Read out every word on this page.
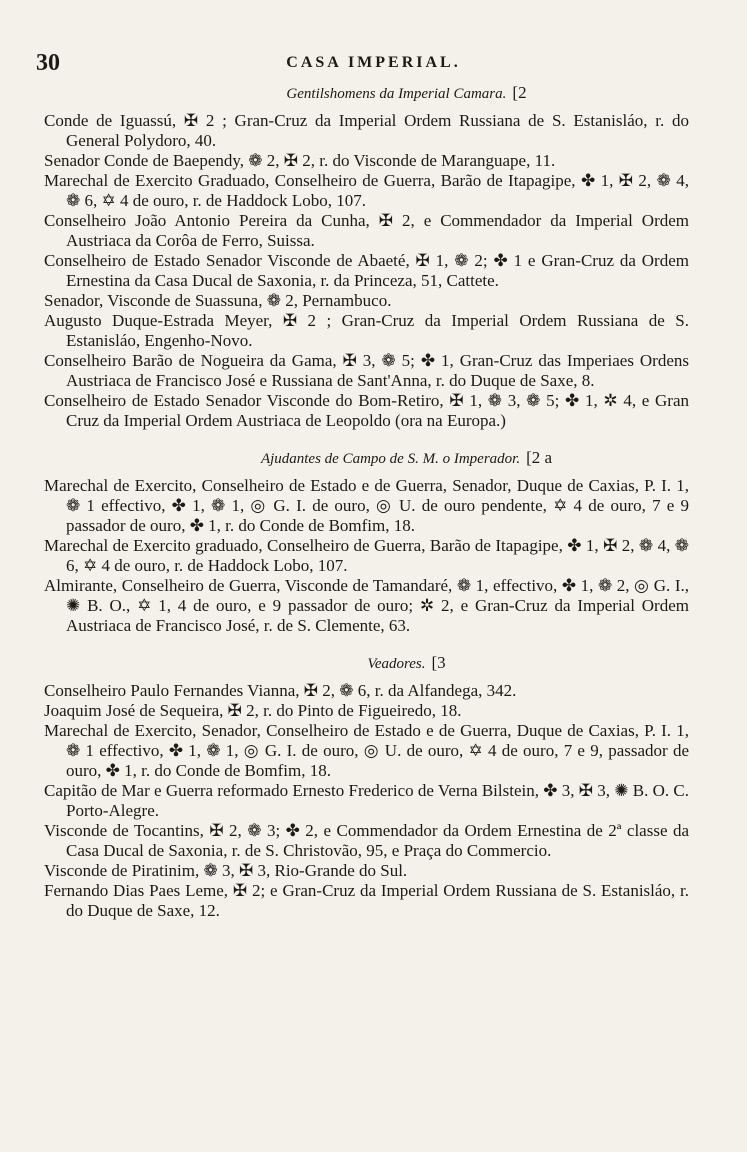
30	CASA IMPERIAL.

Gentilshomens da Imperial Camara. [2

Conde de Iguassú, ✠ 2 ; Gran-Cruz da Imperial Ordem Russiana de S. Estanisláo, r. do General Polydoro, 40.

Senador Conde de Baependy, ❁ 2, ✠ 2, r. do Visconde de Maranguape, 11.

Marechal de Exercito Graduado, Conselheiro de Guerra, Barão de Itapagipe, ✤ 1, ✠ 2, ❁ 4, ❁ 6, ✡ 4 de ouro, r. de Haddock Lobo, 107.

Conselheiro João Antonio Pereira da Cunha, ✠ 2, e Commendador da Imperial Ordem Austriaca da Corôa de Ferro, Suissa.

Conselheiro de Estado Senador Visconde de Abaeté, ✠ 1, ❁ 2; ✤ 1 e Gran-Cruz da Ordem Ernestina da Casa Ducal de Saxonia, r. da Princeza, 51, Cattete.

Senador, Visconde de Suassuna, ❁ 2, Pernambuco.

Augusto Duque-Estrada Meyer, ✠ 2 ; Gran-Cruz da Imperial Ordem Russiana de S. Estanisláo, Engenho-Novo.

Conselheiro Barão de Nogueira da Gama, ✠ 3, ❁ 5; ✤ 1, Gran-Cruz das Imperiaes Ordens Austriaca de Francisco José e Russiana de Sant'Anna, r. do Duque de Saxe, 8.

Conselheiro de Estado Senador Visconde do Bom-Retiro, ✠ 1, ❁ 3, ❁ 5; ✤ 1, ✲ 4, e Gran Cruz da Imperial Ordem Austriaca de Leopoldo (ora na Europa.)

Ajudantes de Campo de S. M. o Imperador. [2 a

Marechal de Exercito, Conselheiro de Estado e de Guerra, Senador, Duque de Caxias, P. I. 1, ❁ 1 effectivo, ✤ 1, ❁ 1, ◎ G. I. de ouro, ◎ U. de ouro pendente, ✡ 4 de ouro, 7 e 9 passador de ouro, ✤ 1, r. do Conde de Bomfim, 18.

Marechal de Exercito graduado, Conselheiro de Guerra, Barão de Itapagipe, ✤ 1, ✠ 2, ❁ 4, ❁ 6, ✡ 4 de ouro, r. de Haddock Lobo, 107.

Almirante, Conselheiro de Guerra, Visconde de Tamandaré, ❁ 1, effectivo, ✤ 1, ❁ 2, ◎ G. I., ✺ B. O., ✡ 1, 4 de ouro, e 9 passador de ouro; ✲ 2, e Gran-Cruz da Imperial Ordem Austriaca de Francisco José, r. de S. Clemente, 63.

Veadores. [3

Conselheiro Paulo Fernandes Vianna, ✠ 2, ❁ 6, r. da Alfandega, 342.

Joaquim José de Sequeira, ✠ 2, r. do Pinto de Figueiredo, 18.

Marechal de Exercito, Senador, Conselheiro de Estado e de Guerra, Duque de Caxias, P. I. 1, ❁ 1 effectivo, ✤ 1, ❁ 1, ◎ G. I. de ouro, ◎ U. de ouro, ✡ 4 de ouro, 7 e 9, passador de ouro, ✤ 1, r. do Conde de Bomfim, 18.

Capitão de Mar e Guerra reformado Ernesto Frederico de Verna Bilstein, ✤ 3, ✠ 3, ✺ B. O. C. Porto-Alegre.

Visconde de Tocantins, ✠ 2, ❁ 3; ✤ 2, e Commendador da Ordem Ernestina de 2ª classe da Casa Ducal de Saxonia, r. de S. Christovão, 95, e Praça do Commercio.

Visconde de Piratinim, ❁ 3, ✠ 3, Rio-Grande do Sul.

Fernando Dias Paes Leme, ✠ 2; e Gran-Cruz da Imperial Ordem Russiana de S. Estanisláo, r. do Duque de Saxe, 12.
